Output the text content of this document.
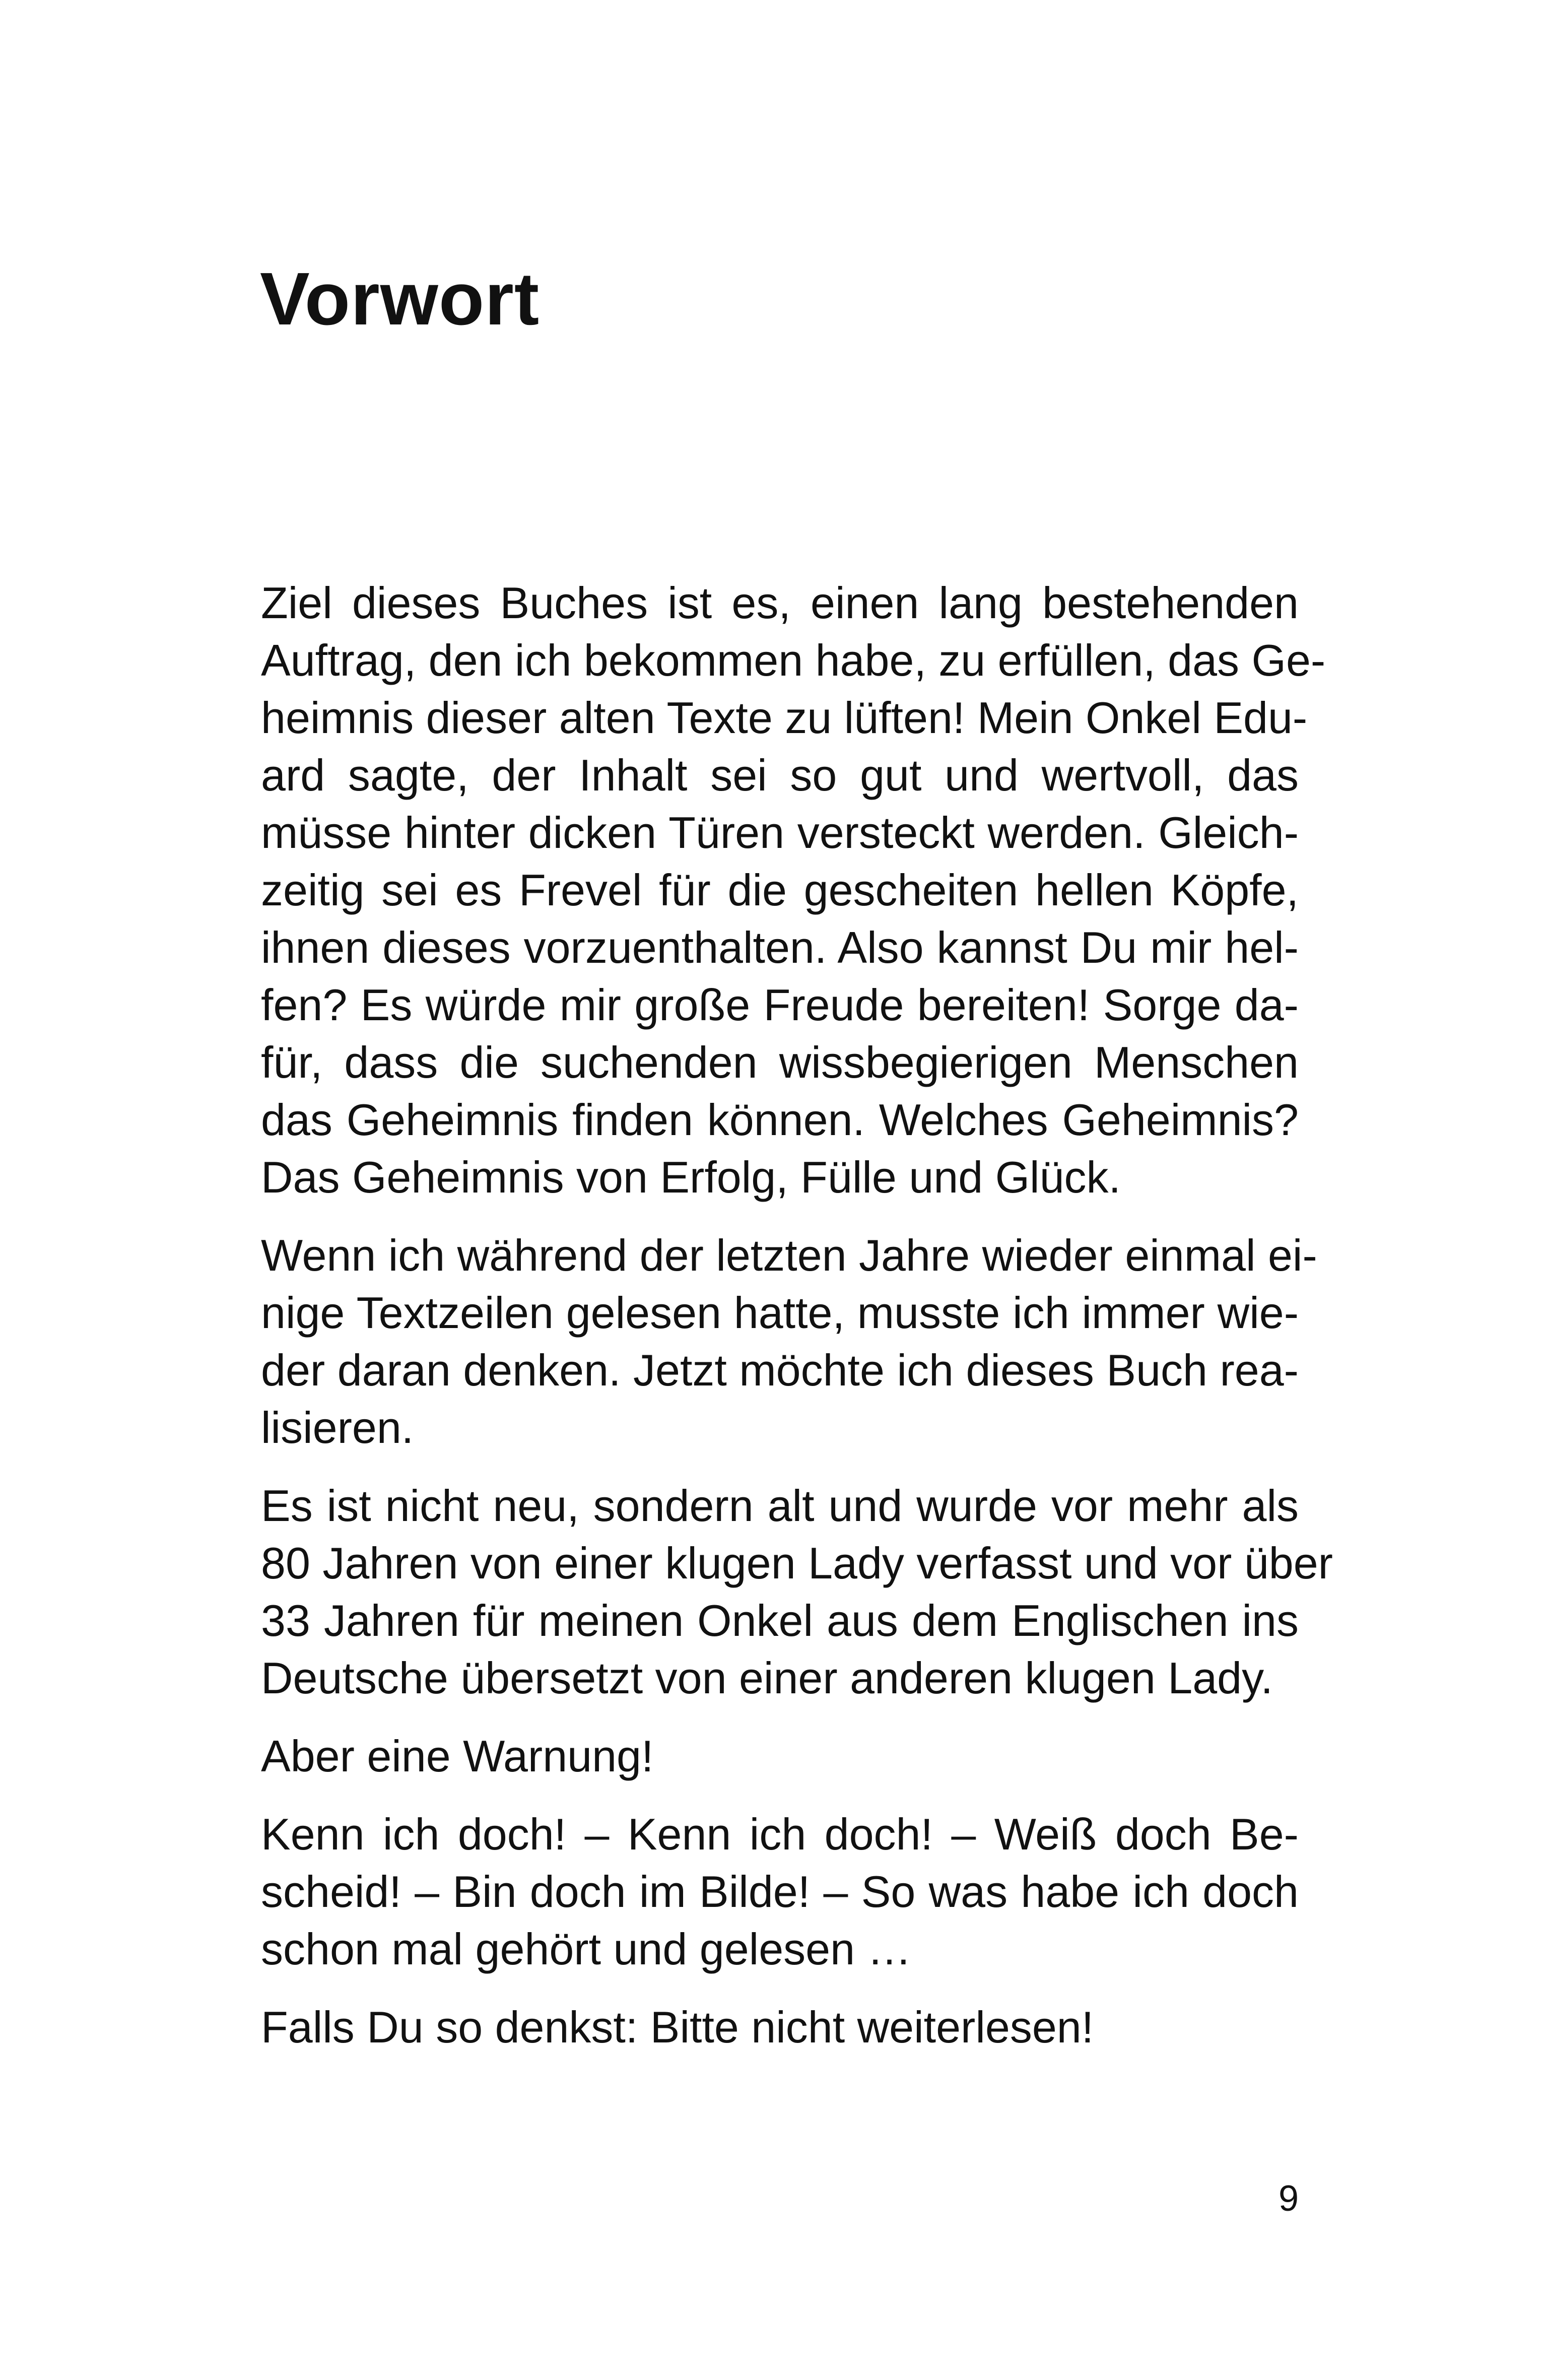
Vorwort

Ziel dieses Buches ist es, einen lang bestehenden
Auftrag, den ich bekommen habe, zu erfüllen, das Ge-
heimnis dieser alten Texte zu lüften! Mein Onkel Edu-
ard sagte, der Inhalt sei so gut und wertvoll, das
müsse hinter dicken Türen versteckt werden. Gleich-
zeitig sei es Frevel für die gescheiten hellen Köpfe,
ihnen dieses vorzuenthalten. Also kannst Du mir hel-
fen? Es würde mir große Freude bereiten! Sorge da-
für, dass die suchenden wissbegierigen Menschen
das Geheimnis finden können. Welches Geheimnis?
Das Geheimnis von Erfolg, Fülle und Glück.

Wenn ich während der letzten Jahre wieder einmal ei-
nige Textzeilen gelesen hatte, musste ich immer wie-
der daran denken. Jetzt möchte ich dieses Buch rea-
lisieren.

Es ist nicht neu, sondern alt und wurde vor mehr als
80 Jahren von einer klugen Lady verfasst und vor über
33 Jahren für meinen Onkel aus dem Englischen ins
Deutsche übersetzt von einer anderen klugen Lady.

Aber eine Warnung!

Kenn ich doch! – Kenn ich doch! – Weiß doch Be-
scheid! – Bin doch im Bilde! – So was habe ich doch
schon mal gehört und gelesen …

Falls Du so denkst: Bitte nicht weiterlesen!

9
